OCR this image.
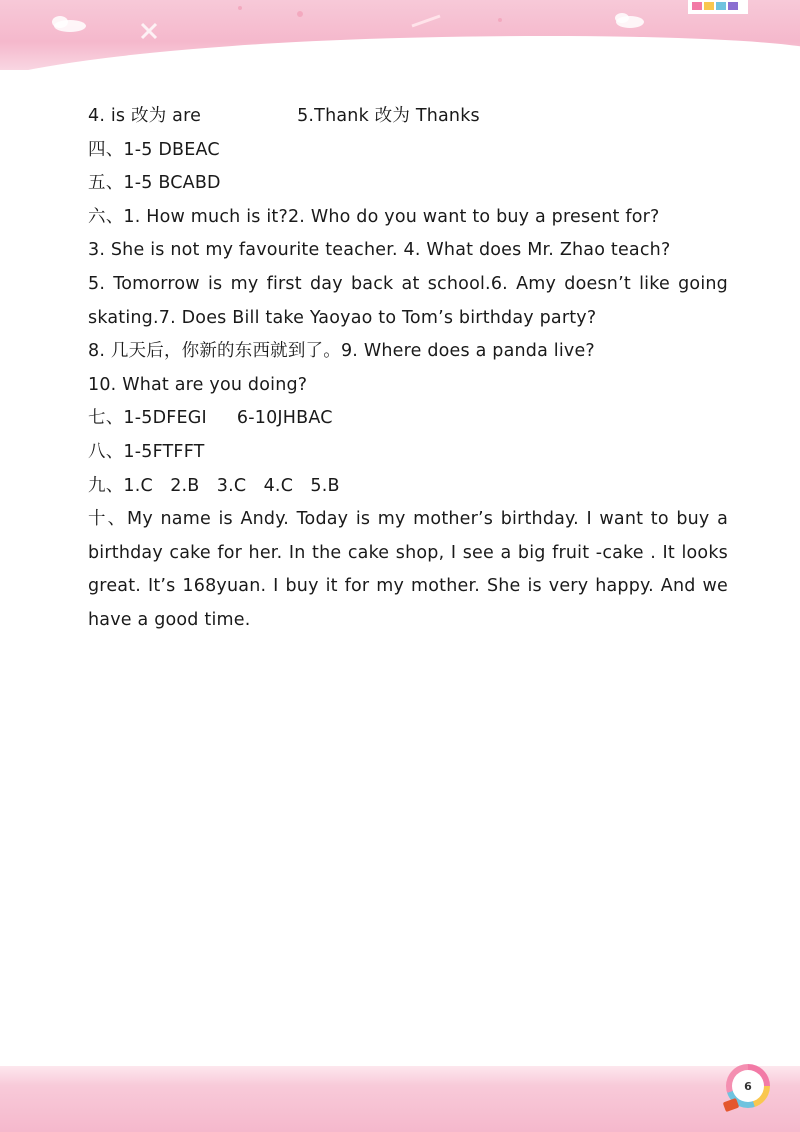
4. is 改为 are	5.Thank 改为 Thanks

四、1-5 DBEAC

五、1-5 BCABD

六、1. How much is it?2. Who do you want to buy a present for?

3. She is not my favourite teacher. 4. What does Mr. Zhao teach?

5. Tomorrow is my first day back at school.6. Amy doesn’t like going skating.7. Does Bill take Yaoyao to Tom’s birthday party?

8. 几天后，你新的东西就到了。9. Where does a panda live?

10. What are you doing?

七、1-5DFEGI 6-10JHBAC

八、1-5FTFFT

九、1.C   2.B   3.C   4.C   5.B

十、My name is Andy. Today is my mother’s birthday. I want to buy a birthday cake for her. In the cake shop, I see a big fruit -cake . It looks great. It’s 168yuan. I buy it for my mother. She is very happy. And we have a good time.

6
